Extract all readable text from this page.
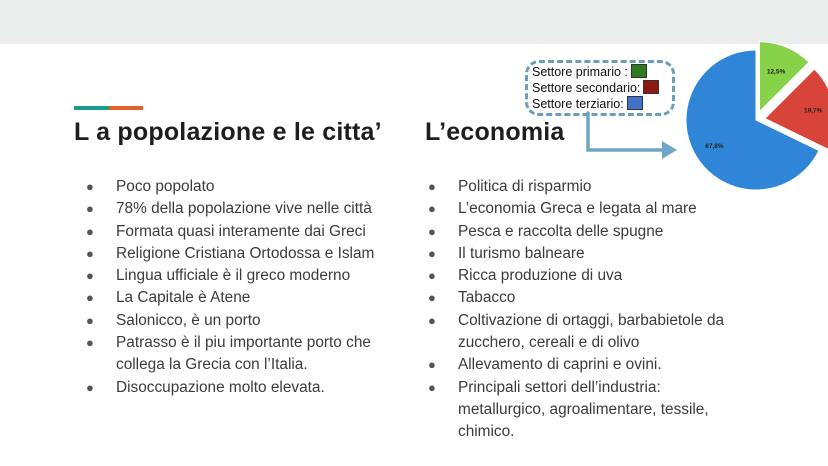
L a popolazione e le citta’ L’economia
● Poco popolato
● 78% della popolazione vive nelle città
● Formata quasi interamente dai Greci
● Religione Cristiana Ortodossa e Islam
● Lingua ufficiale è il greco moderno
● La Capitale è Atene
● Salonicco, è un porto
● Patrasso è il piu importante porto che collega la Grecia con l’Italia.
● Disoccupazione molto elevata.
● Politica di risparmio
● L’economia Greca e legata al mare
● Pesca e raccolta delle spugne
● Il turismo balneare
● Ricca produzione di uva
● Tabacco
● Coltivazione di ortaggi, barbabietole da zucchero, cereali e di olivo
● Allevamento di caprini e ovini.
● Principali settori dell’industria: metallurgico, agroalimentare, tessile, chimico.
12,5%
19,7%
67,8%
Settore primario :
Settore secondario:
Settore terziario:
